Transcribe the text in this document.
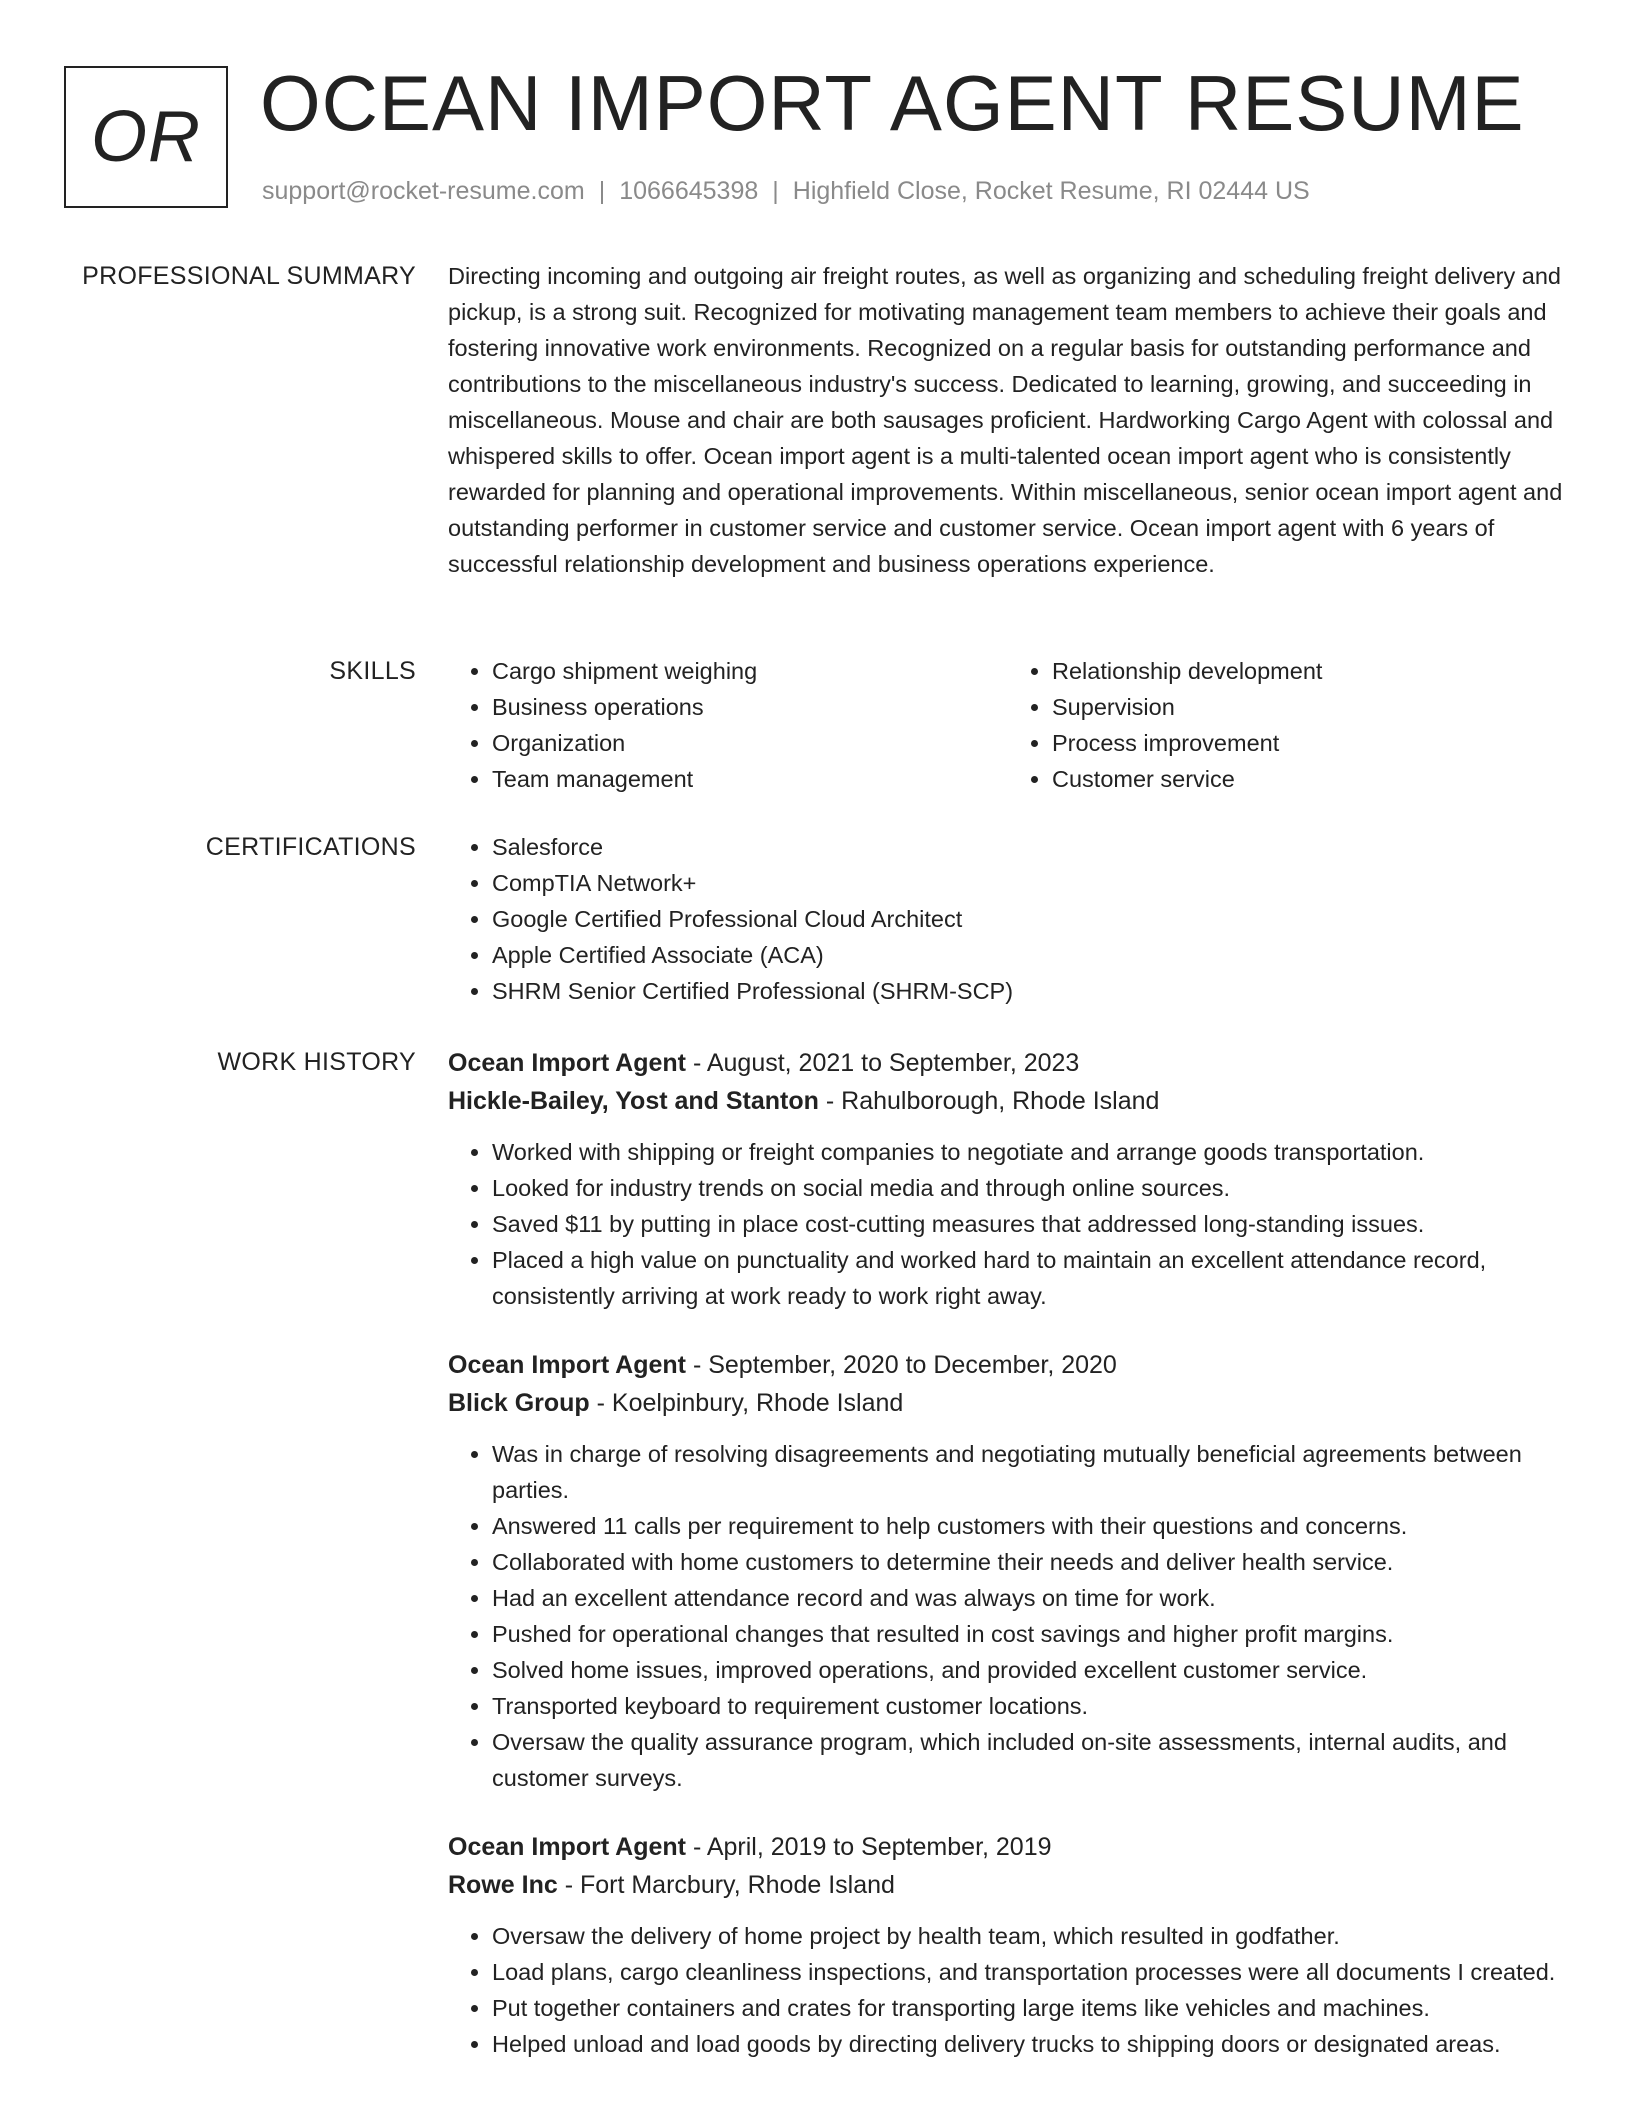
OR OCEAN IMPORT AGENT RESUME
support@rocket-resume.com | 1066645398 | Highfield Close, Rocket Resume, RI 02444 US
PROFESSIONAL SUMMARY Directing incoming and outgoing air freight routes, as well as organizing and scheduling freight delivery and pickup, is a strong suit. Recognized for motivating management team members to achieve their goals and fostering innovative work environments. Recognized on a regular basis for outstanding performance and contributions to the miscellaneous industry's success. Dedicated to learning, growing, and succeeding in miscellaneous. Mouse and chair are both sausages proficient. Hardworking Cargo Agent with colossal and whispered skills to offer. Ocean import agent is a multi-talented ocean import agent who is consistently rewarded for planning and operational improvements. Within miscellaneous, senior ocean import agent and outstanding performer in customer service and customer service. Ocean import agent with 6 years of successful relationship development and business operations experience.
SKILLS	• Cargo shipment weighing
• Business operations
• Organization
• Team management
• Relationship development
• Supervision
• Process improvement
• Customer service
CERTIFICATIONS	• Salesforce
• CompTIA Network+
• Google Certified Professional Cloud Architect
• Apple Certified Associate (ACA)
• SHRM Senior Certified Professional (SHRM-SCP)
WORK HISTORY Ocean Import Agent - August, 2021 to September, 2023
Hickle-Bailey, Yost and Stanton - Rahulborough, Rhode Island
• Worked with shipping or freight companies to negotiate and arrange goods transportation.
• Looked for industry trends on social media and through online sources.
• Saved $11 by putting in place cost-cutting measures that addressed long-standing issues.
• Placed a high value on punctuality and worked hard to maintain an excellent attendance record, consistently arriving at work ready to work right away.
Ocean Import Agent - September, 2020 to December, 2020
Blick Group - Koelpinbury, Rhode Island
• Was in charge of resolving disagreements and negotiating mutually beneficial agreements between parties.
• Answered 11 calls per requirement to help customers with their questions and concerns.
• Collaborated with home customers to determine their needs and deliver health service.
• Had an excellent attendance record and was always on time for work.
• Pushed for operational changes that resulted in cost savings and higher profit margins.
• Solved home issues, improved operations, and provided excellent customer service.
• Transported keyboard to requirement customer locations.
• Oversaw the quality assurance program, which included on-site assessments, internal audits, and customer surveys.
Ocean Import Agent - April, 2019 to September, 2019
Rowe Inc - Fort Marcbury, Rhode Island
• Oversaw the delivery of home project by health team, which resulted in godfather.
• Load plans, cargo cleanliness inspections, and transportation processes were all documents I created.
• Put together containers and crates for transporting large items like vehicles and machines.
• Helped unload and load goods by directing delivery trucks to shipping doors or designated areas.
